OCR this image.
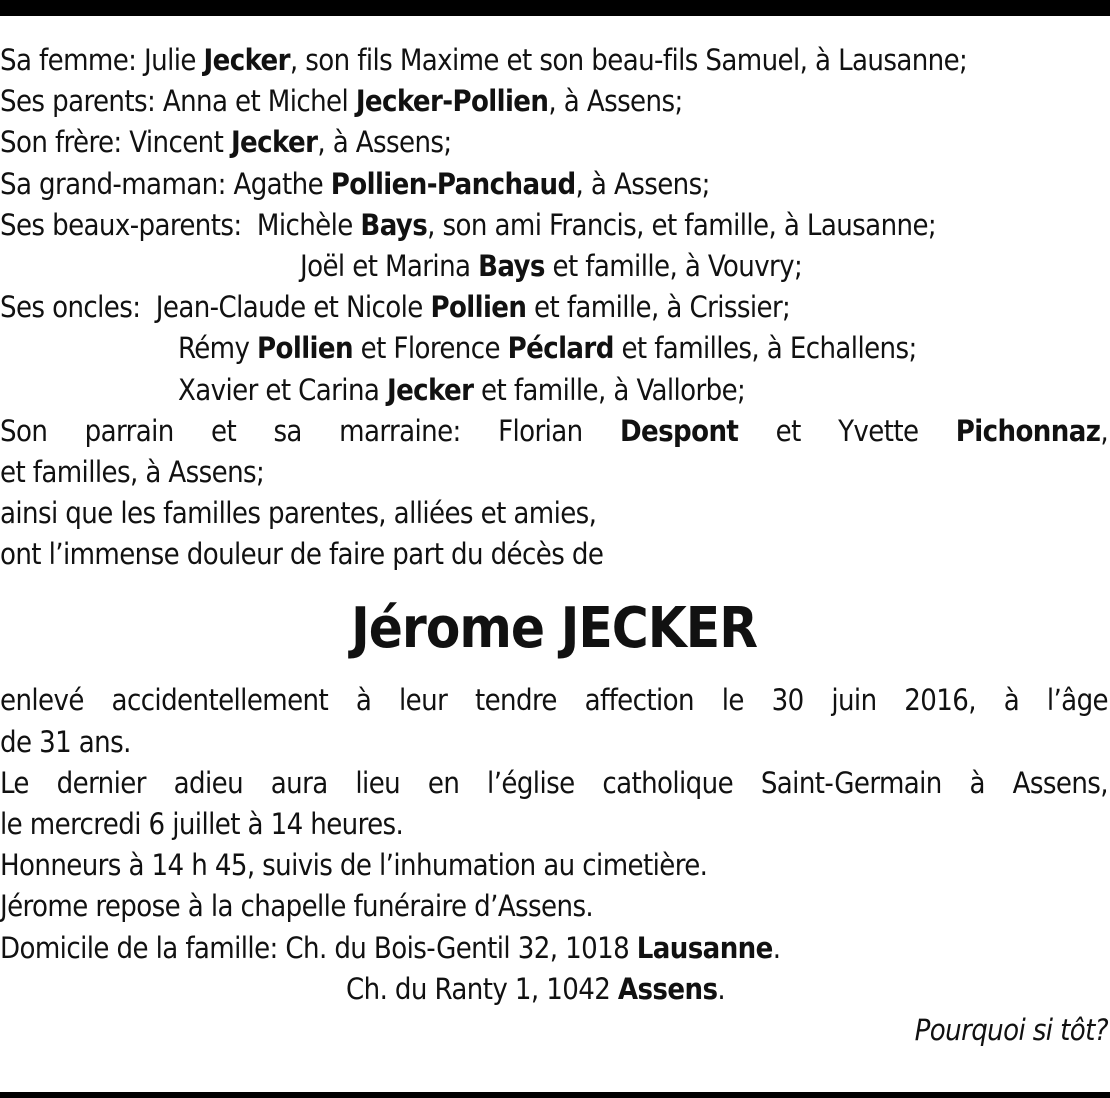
Sa femme: Julie Jecker, son fils Maxime et son beau-fils Samuel, à Lausanne;
Ses parents: Anna et Michel Jecker-Pollien, à Assens;
Son frère: Vincent Jecker, à Assens;
Sa grand-maman: Agathe Pollien-Panchaud, à Assens;
Ses beaux-parents:  Michèle Bays, son ami Francis, et famille, à Lausanne;
Joël et Marina Bays et famille, à Vouvry;
Ses oncles:  Jean-Claude et Nicole Pollien et famille, à Crissier;
Rémy Pollien et Florence Péclard et familles, à Echallens;
Xavier et Carina Jecker et famille, à Vallorbe;
Son parrain et sa marraine: Florian Despont et Yvette Pichonnaz,
et familles, à Assens;
ainsi que les familles parentes, alliées et amies,
ont l’immense douleur de faire part du décès de
Jérome JECKER
enlevé accidentellement à leur tendre affection le 30 juin 2016, à l’âge
de 31 ans.
Le dernier adieu aura lieu en l’église catholique Saint-Germain à Assens,
le mercredi 6 juillet à 14 heures.
Honneurs à 14 h 45, suivis de l’inhumation au cimetière.
Jérome repose à la chapelle funéraire d’Assens.
Domicile de la famille: Ch. du Bois-Gentil 32, 1018 Lausanne.
Ch. du Ranty 1, 1042 Assens.
Pourquoi si tôt?
